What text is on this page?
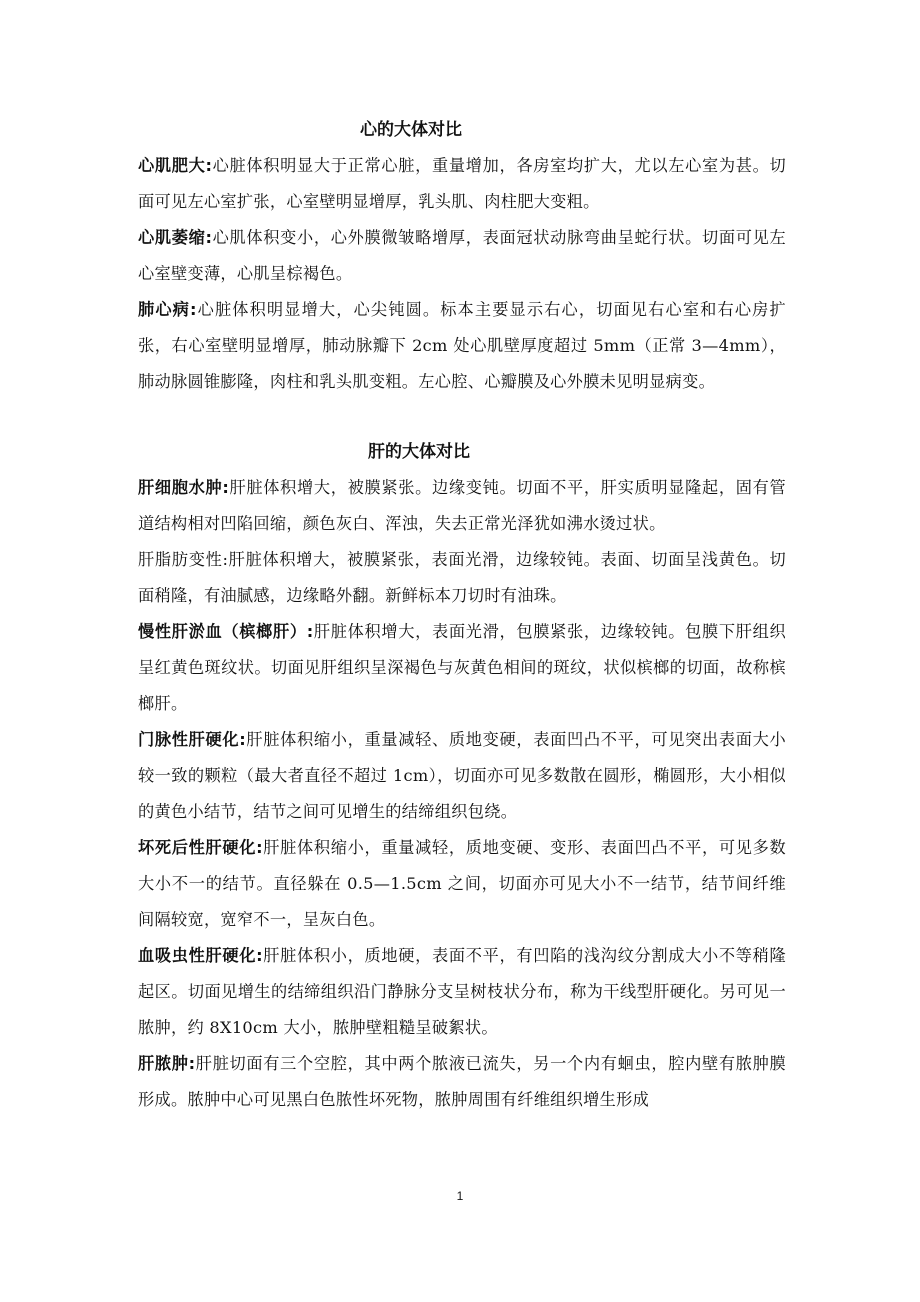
心的大体对比

心肌肥大:心脏体积明显大于正常心脏，重量增加，各房室均扩大，尤以左心室为甚。切面可见左心室扩张，心室壁明显增厚，乳头肌、肉柱肥大变粗。

心肌萎缩:心肌体积变小，心外膜微皱略增厚，表面冠状动脉弯曲呈蛇行状。切面可见左心室壁变薄，心肌呈棕褐色。

肺心病:心脏体积明显增大，心尖钝圆。标本主要显示右心，切面见右心室和右心房扩张，右心室壁明显增厚，肺动脉瓣下 2cm 处心肌壁厚度超过 5mm（正常 3—4mm），肺动脉圆锥膨隆，肉柱和乳头肌变粗。左心腔、心瓣膜及心外膜未见明显病变。

肝的大体对比

肝细胞水肿:肝脏体积增大，被膜紧张。边缘变钝。切面不平，肝实质明显隆起，固有管道结构相对凹陷回缩，颜色灰白、浑浊，失去正常光泽犹如沸水烫过状。

肝脂肪变性:肝脏体积增大，被膜紧张，表面光滑，边缘较钝。表面、切面呈浅黄色。切面稍隆，有油腻感，边缘略外翻。新鲜标本刀切时有油珠。

慢性肝淤血（槟榔肝）:肝脏体积增大，表面光滑，包膜紧张，边缘较钝。包膜下肝组织呈红黄色斑纹状。切面见肝组织呈深褐色与灰黄色相间的斑纹，状似槟榔的切面，故称槟榔肝。

门脉性肝硬化:肝脏体积缩小，重量减轻、质地变硬，表面凹凸不平，可见突出表面大小较一致的颗粒（最大者直径不超过 1cm），切面亦可见多数散在圆形，椭圆形，大小相似的黄色小结节，结节之间可见增生的结缔组织包绕。

坏死后性肝硬化:肝脏体积缩小，重量减轻，质地变硬、变形、表面凹凸不平，可见多数大小不一的结节。直径躲在 0.5—1.5cm 之间，切面亦可见大小不一结节，结节间纤维间隔较宽，宽窄不一，呈灰白色。

血吸虫性肝硬化:肝脏体积小，质地硬，表面不平，有凹陷的浅沟纹分割成大小不等稍隆起区。切面见增生的结缔组织沿门静脉分支呈树枝状分布，称为干线型肝硬化。另可见一脓肿，约 8X10cm 大小，脓肿壁粗糙呈破絮状。

肝脓肿:肝脏切面有三个空腔，其中两个脓液已流失，另一个内有蛔虫，腔内壁有脓肿膜形成。脓肿中心可见黑白色脓性坏死物，脓肿周围有纤维组织增生形成

1
